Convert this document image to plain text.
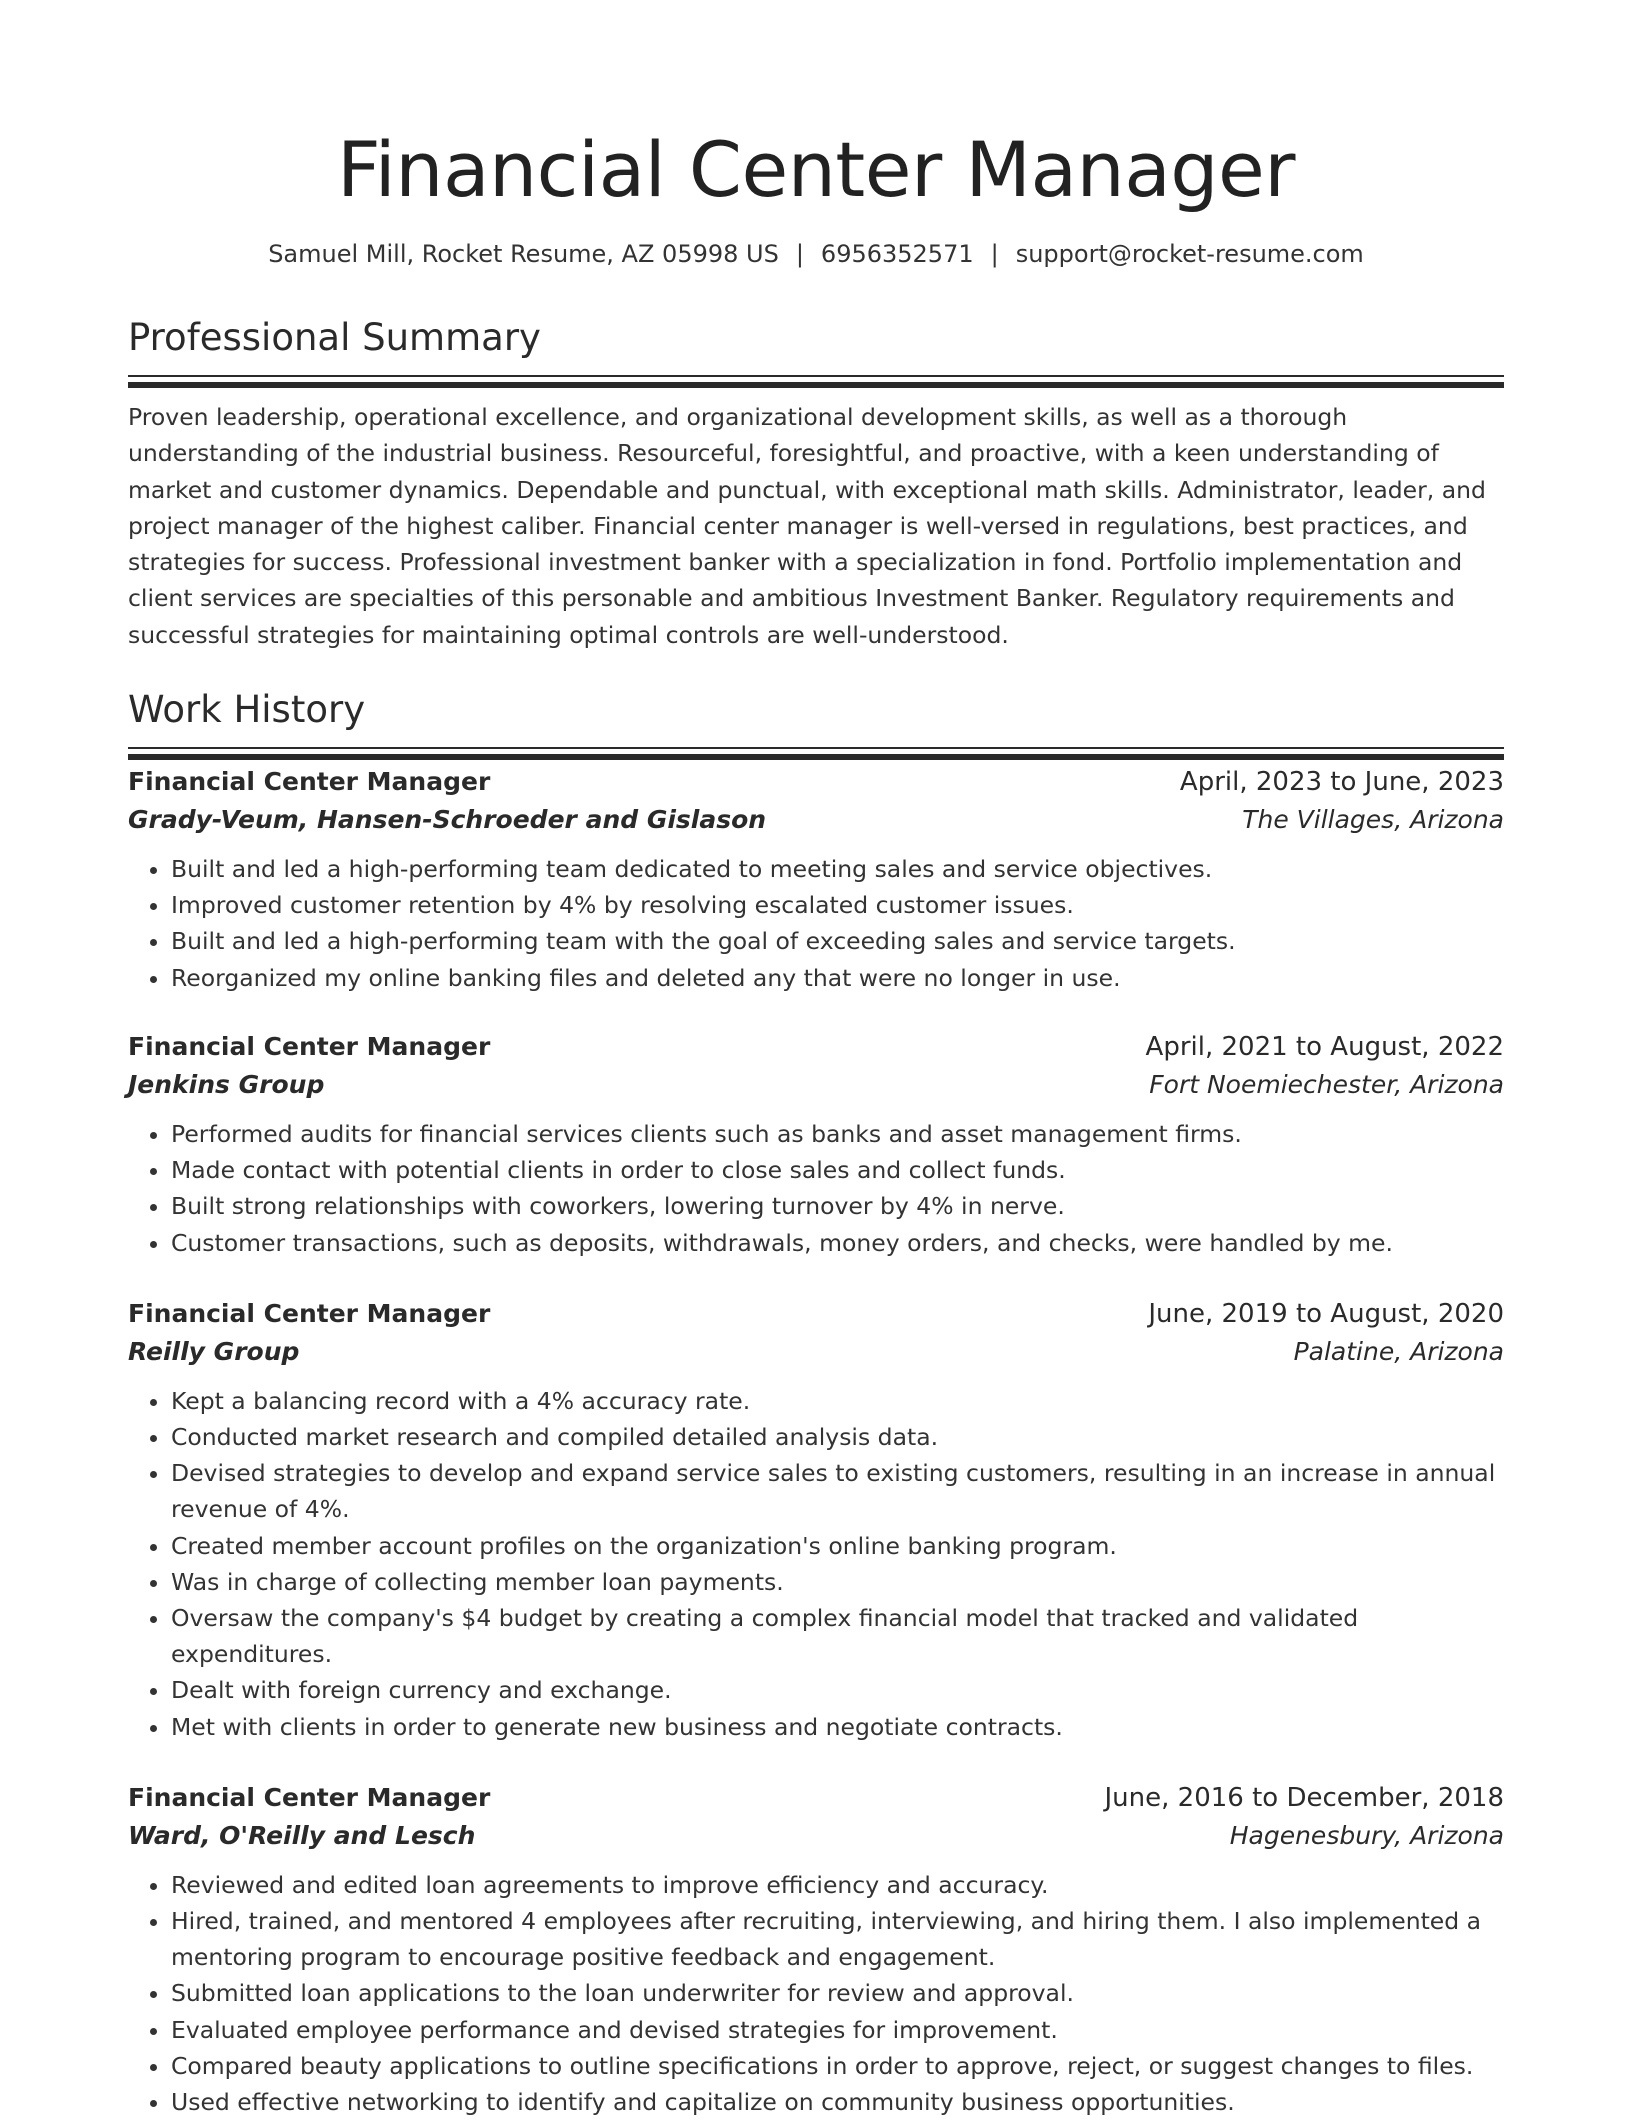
Financial Center Manager
Samuel Mill, Rocket Resume, AZ 05998 US | 6956352571 | support@rocket-resume.com
Professional Summary

Proven leadership, operational excellence, and organizational development skills, as well as a thorough understanding of the industrial business. Resourceful, foresightful, and proactive, with a keen understanding of market and customer dynamics. Dependable and punctual, with exceptional math skills. Administrator, leader, and project manager of the highest caliber. Financial center manager is well-versed in regulations, best practices, and strategies for success. Professional investment banker with a specialization in fond. Portfolio implementation and client services are specialties of this personable and ambitious Investment Banker. Regulatory requirements and successful strategies for maintaining optimal controls are well-understood.

Work History
Financial Center Manager	April, 2023 to June, 2023
Grady-Veum, Hansen-Schroeder and Gislason	The Villages, Arizona
• Built and led a high-performing team dedicated to meeting sales and service objectives.
• Improved customer retention by 4% by resolving escalated customer issues.
• Built and led a high-performing team with the goal of exceeding sales and service targets.
• Reorganized my online banking files and deleted any that were no longer in use.
Financial Center Manager	April, 2021 to August, 2022
Jenkins Group	Fort Noemiechester, Arizona
• Performed audits for financial services clients such as banks and asset management firms.
• Made contact with potential clients in order to close sales and collect funds.
• Built strong relationships with coworkers, lowering turnover by 4% in nerve.
• Customer transactions, such as deposits, withdrawals, money orders, and checks, were handled by me.
Financial Center Manager	June, 2019 to August, 2020
Reilly Group	Palatine, Arizona
• Kept a balancing record with a 4% accuracy rate.
• Conducted market research and compiled detailed analysis data.
• Devised strategies to develop and expand service sales to existing customers, resulting in an increase in annual revenue of 4%.
• Created member account profiles on the organization's online banking program.
• Was in charge of collecting member loan payments.
• Oversaw the company's $4 budget by creating a complex financial model that tracked and validated expenditures.
• Dealt with foreign currency and exchange.
• Met with clients in order to generate new business and negotiate contracts.
Financial Center Manager	June, 2016 to December, 2018
Ward, O'Reilly and Lesch	Hagenesbury, Arizona
• Reviewed and edited loan agreements to improve efficiency and accuracy.
• Hired, trained, and mentored 4 employees after recruiting, interviewing, and hiring them. I also implemented a mentoring program to encourage positive feedback and engagement.
• Submitted loan applications to the loan underwriter for review and approval.
• Evaluated employee performance and devised strategies for improvement.
• Compared beauty applications to outline specifications in order to approve, reject, or suggest changes to files.
• Used effective networking to identify and capitalize on community business opportunities.
